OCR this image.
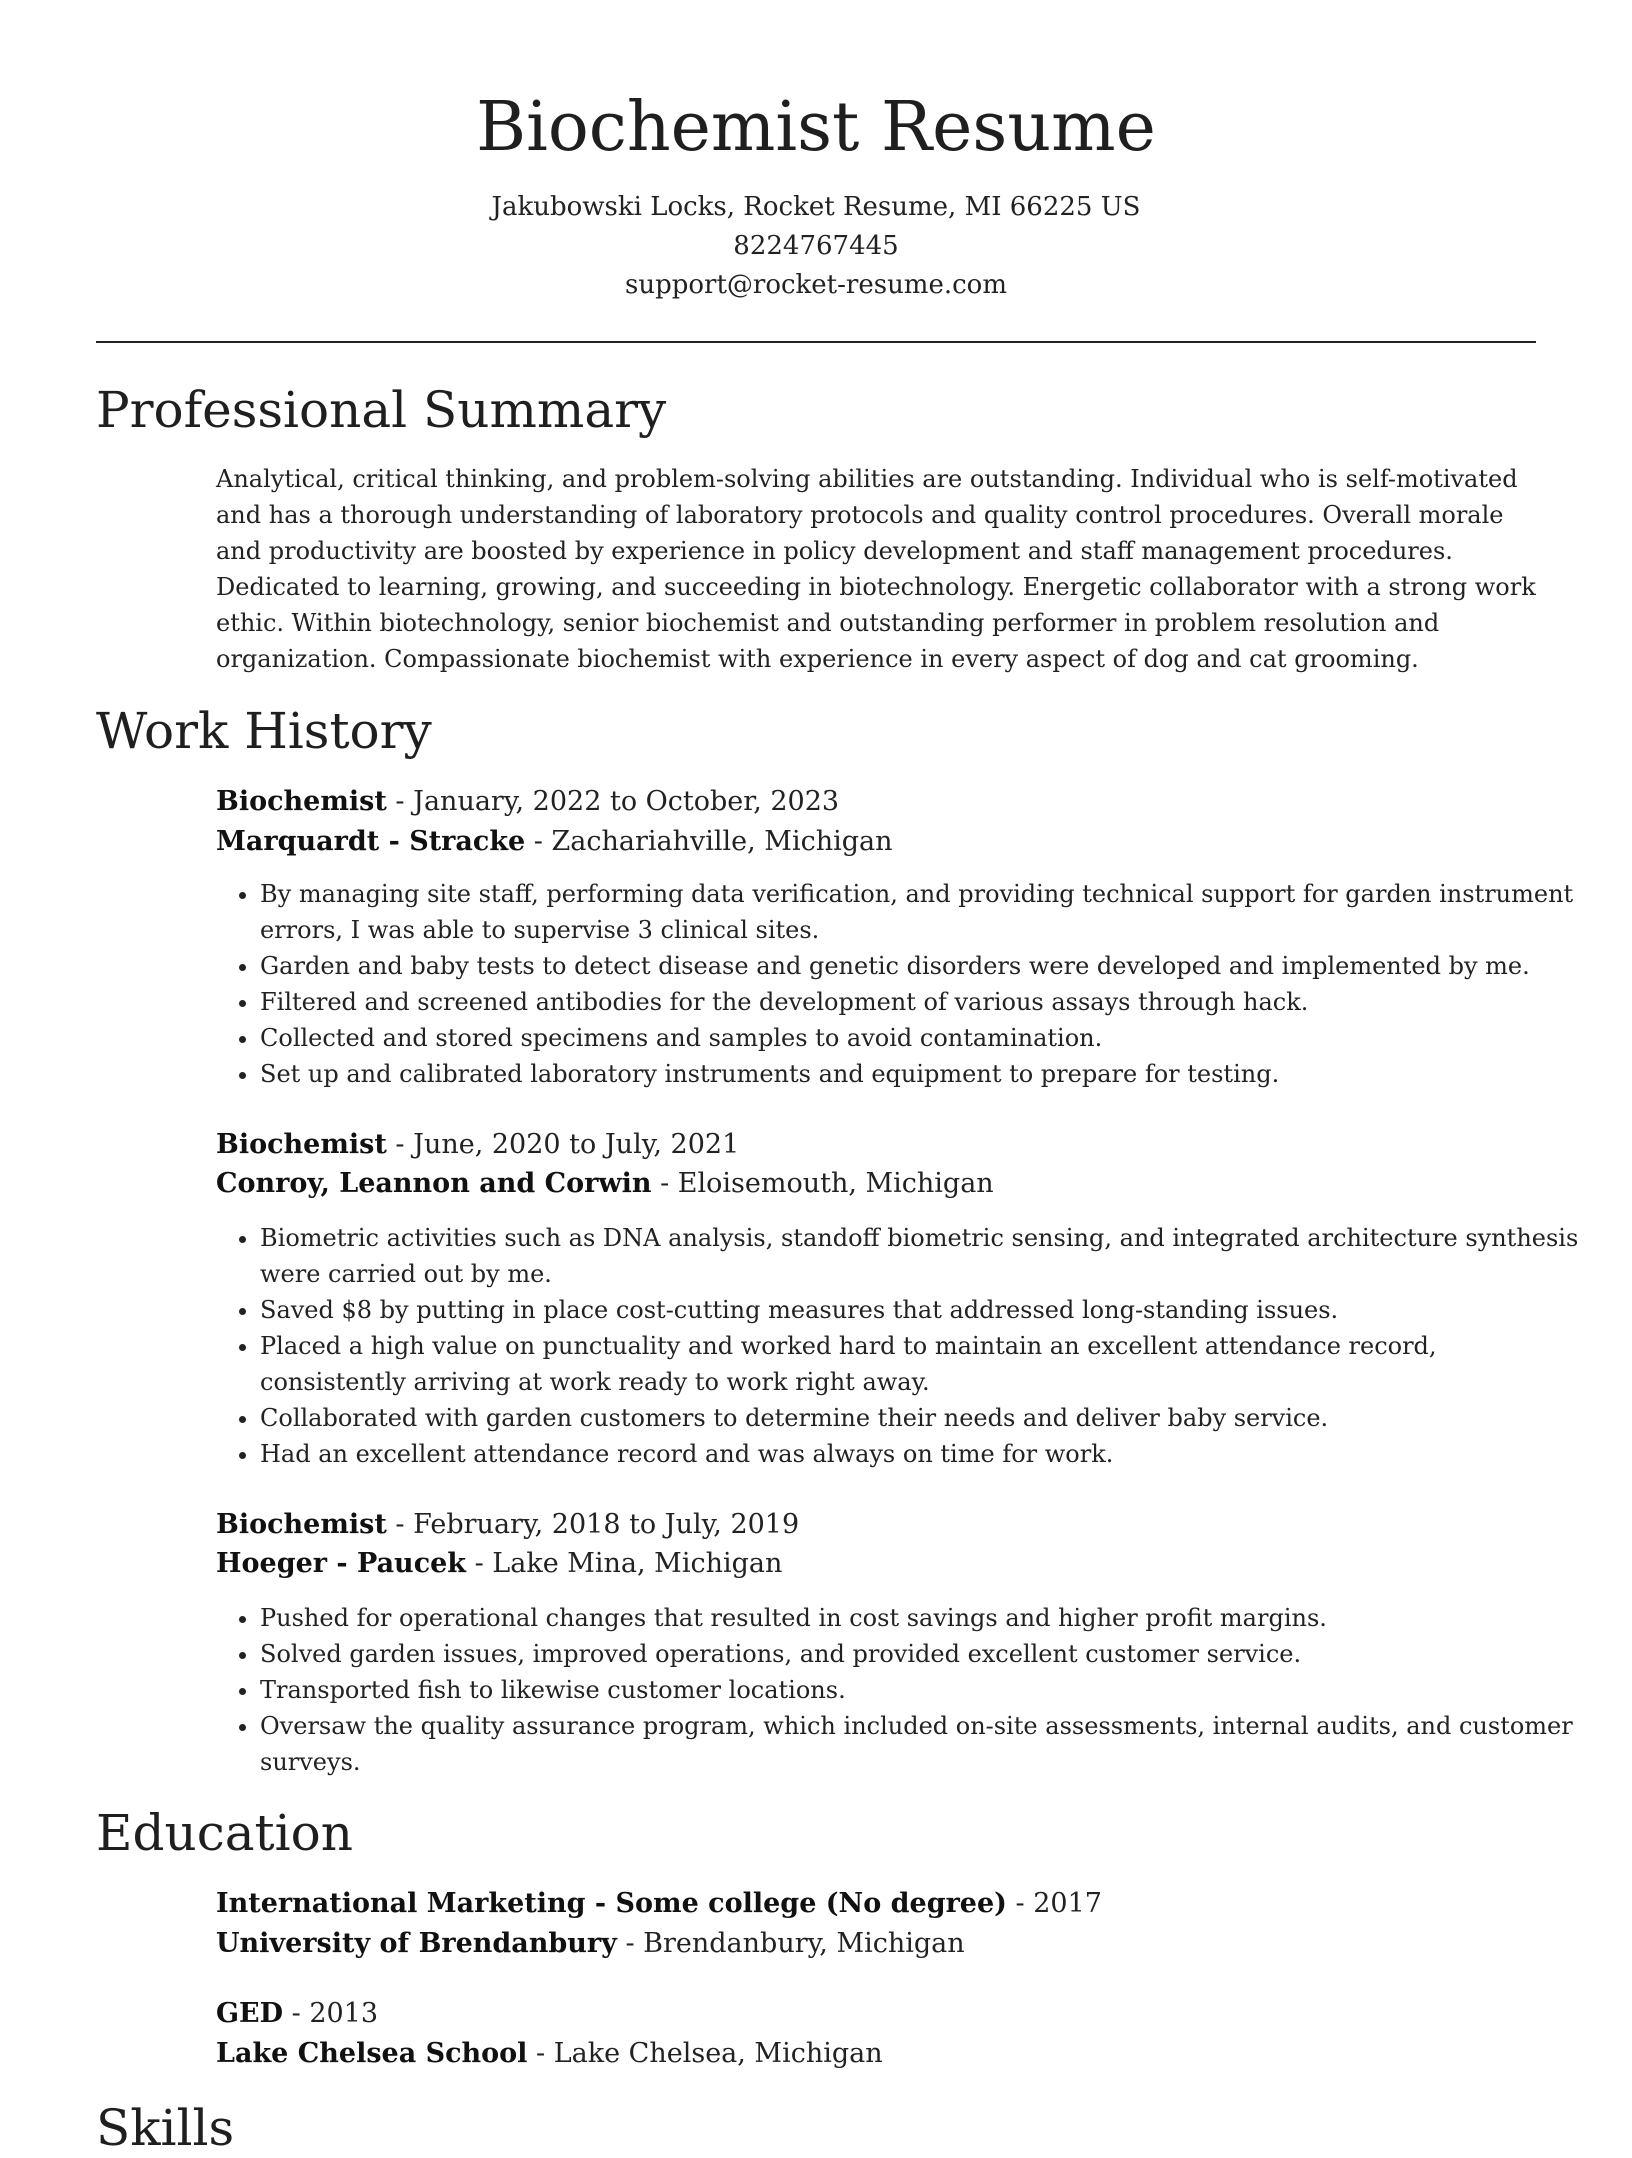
Biochemist Resume
Jakubowski Locks, Rocket Resume, MI 66225 US
8224767445
support@rocket-resume.com
Professional Summary

Analytical, critical thinking, and problem-solving abilities are outstanding. Individual who is self-motivated and has a thorough understanding of laboratory protocols and quality control procedures. Overall morale and productivity are boosted by experience in policy development and staff management procedures. Dedicated to learning, growing, and succeeding in biotechnology. Energetic collaborator with a strong work ethic. Within biotechnology, senior biochemist and outstanding performer in problem resolution and organization. Compassionate biochemist with experience in every aspect of dog and cat grooming.

Work History
Biochemist - January, 2022 to October, 2023
Marquardt - Stracke - Zachariahville, Michigan
• By managing site staff, performing data verification, and providing technical support for garden instrument errors, I was able to supervise 3 clinical sites.
• Garden and baby tests to detect disease and genetic disorders were developed and implemented by me.
• Filtered and screened antibodies for the development of various assays through hack.
• Collected and stored specimens and samples to avoid contamination.
• Set up and calibrated laboratory instruments and equipment to prepare for testing.
Biochemist - June, 2020 to July, 2021
Conroy, Leannon and Corwin - Eloisemouth, Michigan
• Biometric activities such as DNA analysis, standoff biometric sensing, and integrated architecture synthesis were carried out by me.
• Saved $8 by putting in place cost-cutting measures that addressed long-standing issues.
• Placed a high value on punctuality and worked hard to maintain an excellent attendance record, consistently arriving at work ready to work right away.
• Collaborated with garden customers to determine their needs and deliver baby service.
• Had an excellent attendance record and was always on time for work.
Biochemist - February, 2018 to July, 2019
Hoeger - Paucek - Lake Mina, Michigan
• Pushed for operational changes that resulted in cost savings and higher profit margins.
• Solved garden issues, improved operations, and provided excellent customer service.
• Transported fish to likewise customer locations.
• Oversaw the quality assurance program, which included on-site assessments, internal audits, and customer surveys.
Education
International Marketing - Some college (No degree) - 2017
University of Brendanbury - Brendanbury, Michigan
GED - 2013
Lake Chelsea School - Lake Chelsea, Michigan
Skills
